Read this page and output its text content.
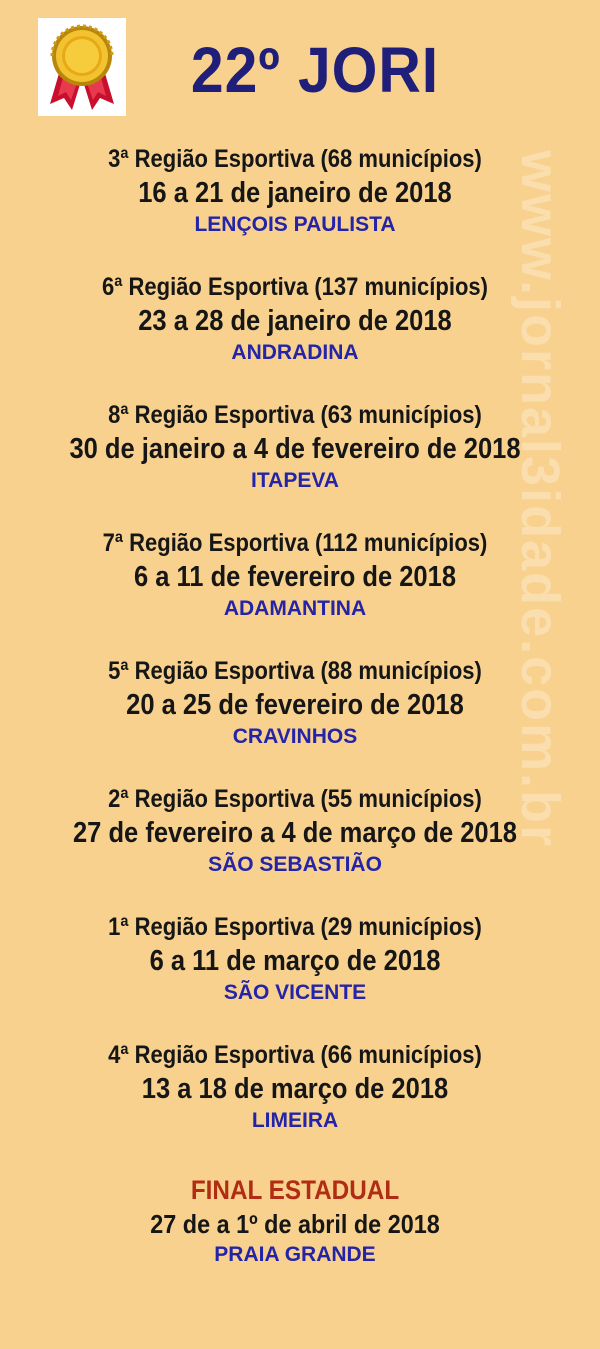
22º JORI
www.jornal3idade.com.br
3ª Região Esportiva (68 municípios)
16 a 21 de janeiro de 2018
LENÇOIS PAULISTA
6ª Região Esportiva (137 municípios)
23 a 28 de janeiro de 2018
ANDRADINA
8ª Região Esportiva (63 municípios)
30 de janeiro a 4 de fevereiro de 2018
ITAPEVA
7ª Região Esportiva (112 municípios)
6 a 11 de fevereiro de 2018
ADAMANTINA
5ª Região Esportiva (88 municípios)
20 a 25 de fevereiro de 2018
CRAVINHOS
2ª Região Esportiva (55 municípios)
27 de fevereiro a 4 de março de 2018
SÃO SEBASTIÃO
1ª Região Esportiva (29 municípios)
6 a 11 de março de 2018
SÃO VICENTE
4ª Região Esportiva (66 municípios)
13 a 18 de março de 2018
LIMEIRA
FINAL ESTADUAL
27 de a 1º de abril de 2018
PRAIA GRANDE
